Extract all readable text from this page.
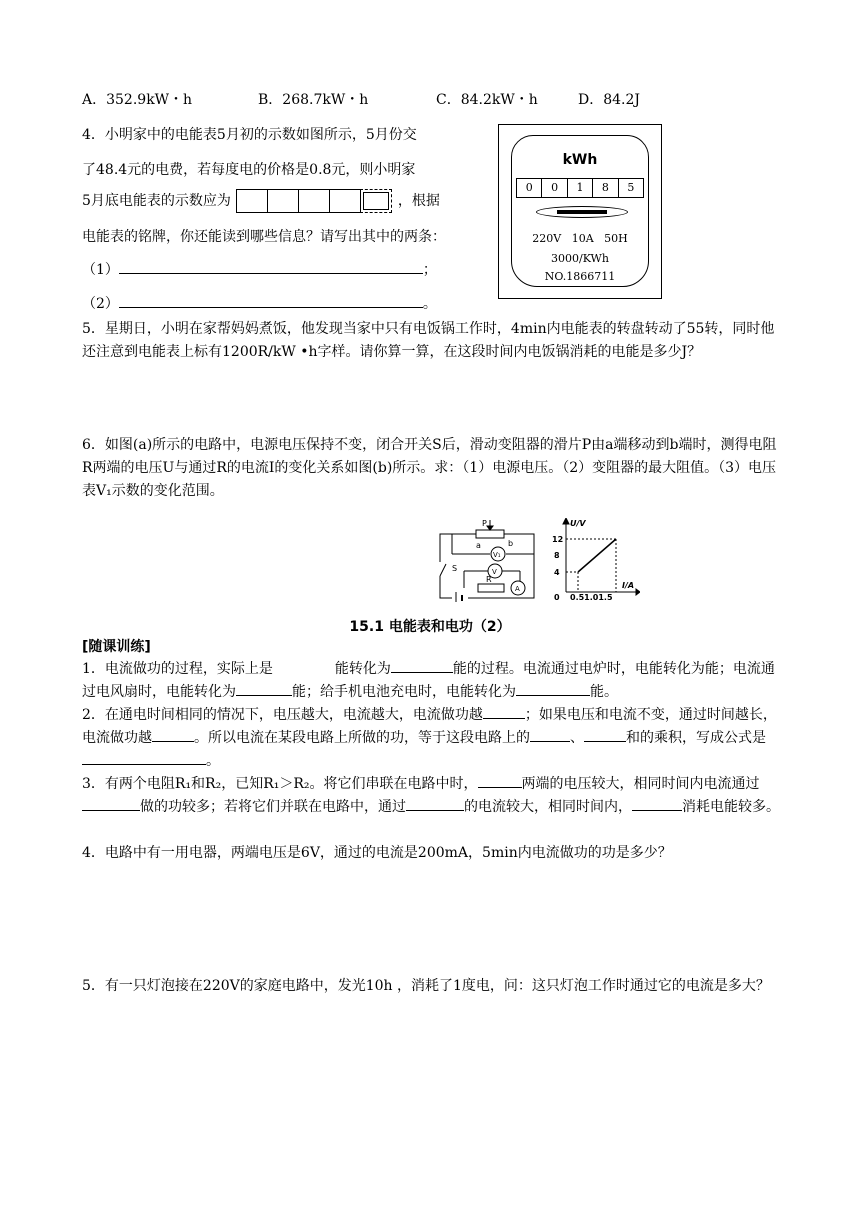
A．352.9kW・h	B．268.7kW・h	C．84.2kW・h	D．84.2J
4．小明家中的电能表5月初的示数如图所示，5月份交
了48.4元的电费，若每度电的价格是0.8元，则小明家
5月底电能表的示数应为	，根据
电能表的铭牌，你还能读到哪些信息？请写出其中的两条：
（1）	；
（2）	。
kWh
0	0	1	8	5
220V   10A   50H
3000/KWh
NO.1866711
5．星期日，小明在家帮妈妈煮饭，他发现当家中只有电饭锅工作时，4min内电能表的转盘转动了55转，同时他还注意到电能表上标有1200R/kW •h字样。请你算一算，在这段时间内电饭锅消耗的电能是多少J？
6．如图(a)所示的电路中，电源电压保持不变，闭合开关S后，滑动变阻器的滑片P由a端移动到b端时，测得电阻R两端的电压U与通过R的电流I的变化关系如图(b)所示。求：（1）电源电压。（2）变阻器的最大阻值。（3）电压表V₁示数的变化范围。
P
a	b
V₁
V
S
R
A
U/V
I/A
12
8
4
0 0.51.01.5
15.1 电能表和电功（2）
[随课训练]
1．电流做功的过程，实际上是	能转化为	能的过程。电流通过电炉时，电能转化为能；电流通过电风扇时，电能转化为	能；给手机电池充电时，电能转化为	能。
2．在通电时间相同的情况下，电压越大，电流越大，电流做功越	；如果电压和电流不变，通过时间越长，电流做功越	。所以电流在某段电路上所做的功，等于这段电路上的	、	和的乘积，写成公式是。
3．有两个电阻R₁和R₂，已知R₁＞R₂。将它们串联在电路中时，	两端的电压较大，相同时间内电流通过做的功较多；若将它们并联在电路中，通过	的电流较大，相同时间内，	消耗电能较多。
4．电路中有一用电器，两端电压是6V，通过的电流是200mA，5min内电流做功的功是多少？
5．有一只灯泡接在220V的家庭电路中，发光10h ，消耗了1度电，问：这只灯泡工作时通过它的电流是多大？
